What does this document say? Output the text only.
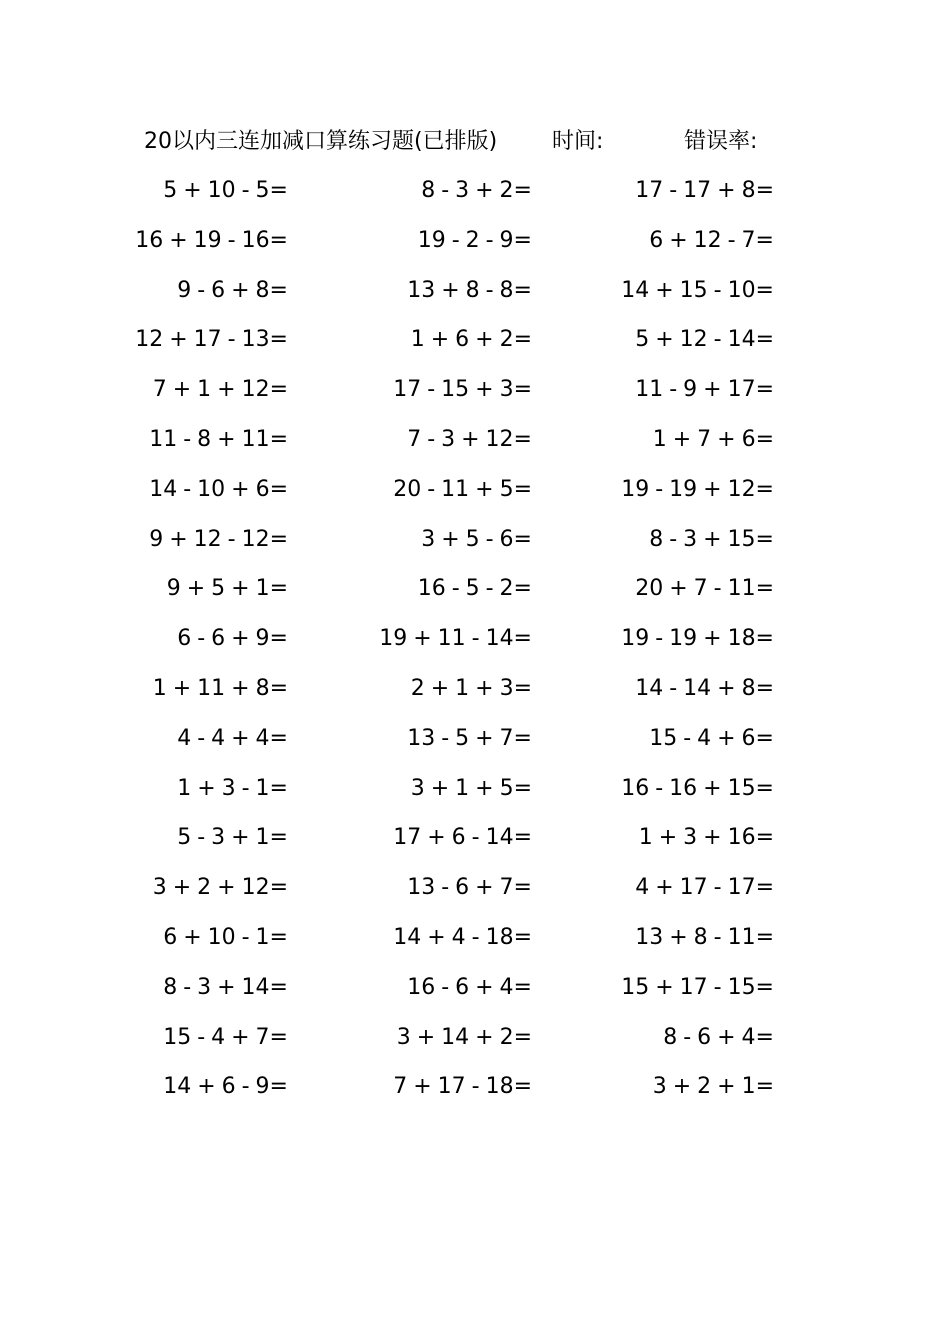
20以内三连加减口算练习题(已排版) 时间:	错误率:
5 + 10 - 5=	8 - 3 + 2=	17 - 17 + 8=
16 + 19 - 16=	19 - 2 - 9=	6 + 12 - 7=
9 - 6 + 8=	13 + 8 - 8=	14 + 15 - 10=
12 + 17 - 13=	1 + 6 + 2=	5 + 12 - 14=
7 + 1 + 12=	17 - 15 + 3=	11 - 9 + 17=
11 - 8 + 11=	7 - 3 + 12=	1 + 7 + 6=
14 - 10 + 6=	20 - 11 + 5=	19 - 19 + 12=
9 + 12 - 12=	3 + 5 - 6=	8 - 3 + 15=
9 + 5 + 1=	16 - 5 - 2=	20 + 7 - 11=
6 - 6 + 9=	19 + 11 - 14=	19 - 19 + 18=
1 + 11 + 8=	2 + 1 + 3=	14 - 14 + 8=
4 - 4 + 4=	13 - 5 + 7=	15 - 4 + 6=
1 + 3 - 1=	3 + 1 + 5=	16 - 16 + 15=
5 - 3 + 1=	17 + 6 - 14=	1 + 3 + 16=
3 + 2 + 12=	13 - 6 + 7=	4 + 17 - 17=
6 + 10 - 1=	14 + 4 - 18=	13 + 8 - 11=
8 - 3 + 14=	16 - 6 + 4=	15 + 17 - 15=
15 - 4 + 7=	3 + 14 + 2=	8 - 6 + 4=
14 + 6 - 9=	7 + 17 - 18=	3 + 2 + 1=
